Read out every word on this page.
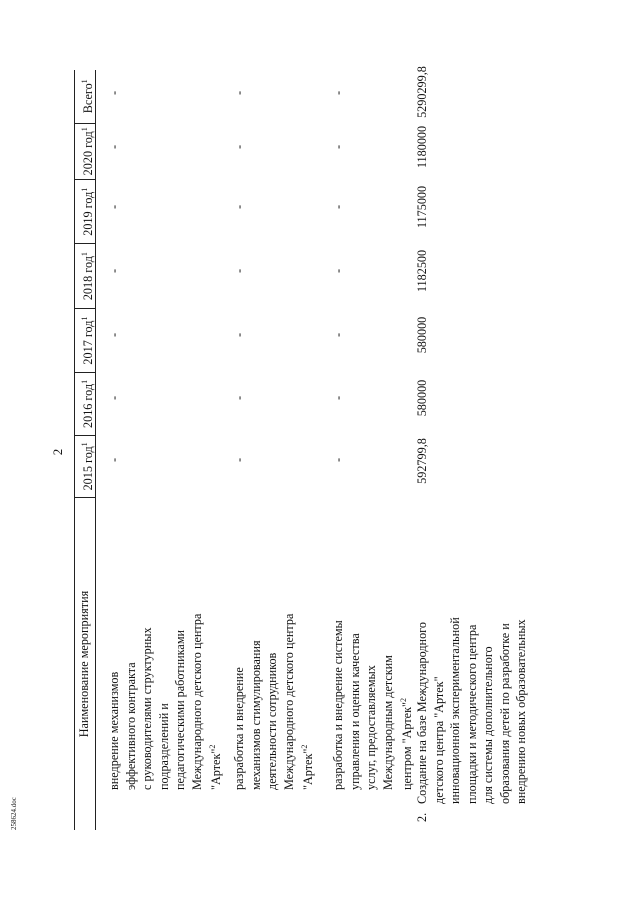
2
258624.doc
Наименование мероприятия
2015 год$^1$
2016 год$^1$
2017 год$^1$
2018 год$^1$
2019 год$^1$
2020 год$^1$
Всего$^1$
внедрение механизмов эффективного контракта с руководителями структурных подразделений и педагогическими работниками Международного детского центра "Артек"$^2$
-
-
-
-
-
-
-
разработка и внедрение механизмов стимулирования деятельности сотрудников Международного детского центра "Артек"$^2$
-
-
-
-
-
-
-
разработка и внедрение системы управления и оценки качества услуг, предоставляемых Международным детским центром "Артек"$^2$
-
-
-
-
-
-
-
2.
Создание на базе Международного детского центра "Артек" инновационной экспериментальной площадки и методического центра для системы дополнительного образования детей по разработке и внедрению новых образовательных
592799,8
580000
580000
1182500
1175000
1180000
5290299,8
